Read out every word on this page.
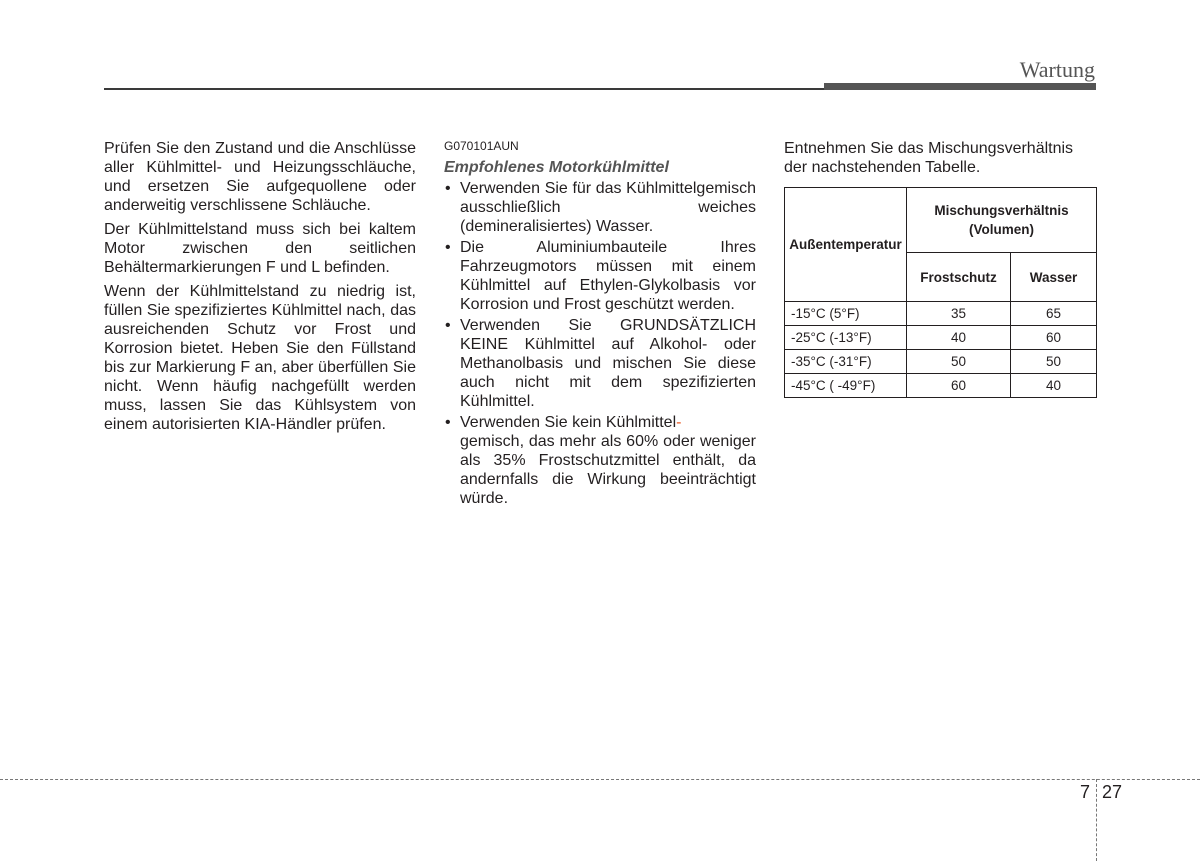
Wartung

Prüfen Sie den Zustand und die Anschlüsse aller Kühlmittel- und Heizungsschläuche, und ersetzen Sie aufgequollene oder anderweitig verschlissene Schläuche.

Der Kühlmittelstand muss sich bei kaltem Motor zwischen den seitlichen Behältermarkierungen F und L befinden.

Wenn der Kühlmittelstand zu niedrig ist, füllen Sie spezifiziertes Kühlmittel nach, das ausreichenden Schutz vor Frost und Korrosion bietet. Heben Sie den Füllstand bis zur Markierung F an, aber überfüllen Sie nicht. Wenn häufig nachgefüllt werden muss, lassen Sie das Kühlsystem von einem autorisierten KIA-Händler prüfen.

G070101AUN
Empfohlenes Motorkühlmittel
• Verwenden Sie für das Kühlmittelgemisch ausschließlich weiches (demineralisiertes) Wasser.
• Die Aluminiumbauteile Ihres Fahrzeugmotors müssen mit einem Kühlmittel auf Ethylen-Glykolbasis vor Korrosion und Frost geschützt werden.
• Verwenden Sie GRUNDSÄTZLICH KEINE Kühlmittel auf Alkohol- oder Methanolbasis und mischen Sie diese auch nicht mit dem spezifizierten Kühlmittel.
• Verwenden Sie kein Kühlmittel-
gemisch, das mehr als 60% oder weniger als 35% Frostschutzmittel enthält, da andernfalls die Wirkung beeinträchtigt würde.

Entnehmen Sie das Mischungsverhältnis der nachstehenden Tabelle.

Außentemperatur	Mischungsverhältnis (Volumen)	
	Frostschutz	Wasser
-15°C (5°F)	35	65
-25°C (-13°F)	40	60
-35°C (-31°F)	50	50
-45°C ( -49°F)	60	40
7 27
